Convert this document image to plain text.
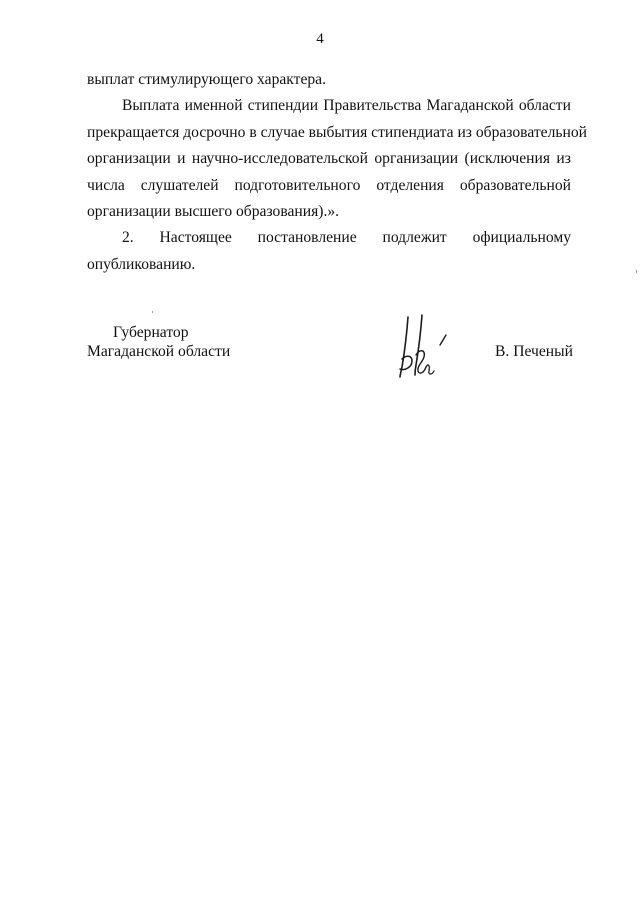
4
выплат стимулирующего характера.
Выплата именной стипендии Правительства Магаданской области
прекращается досрочно в случае выбытия стипендиата из образовательной
организации и научно-исследовательской организации (исключения из
числа слушателей подготовительного отделения образовательной
организации высшего образования).».
2. Настоящее постановление подлежит официальному
опубликованию.
Губернатор
Магаданской области	В. Печеный
